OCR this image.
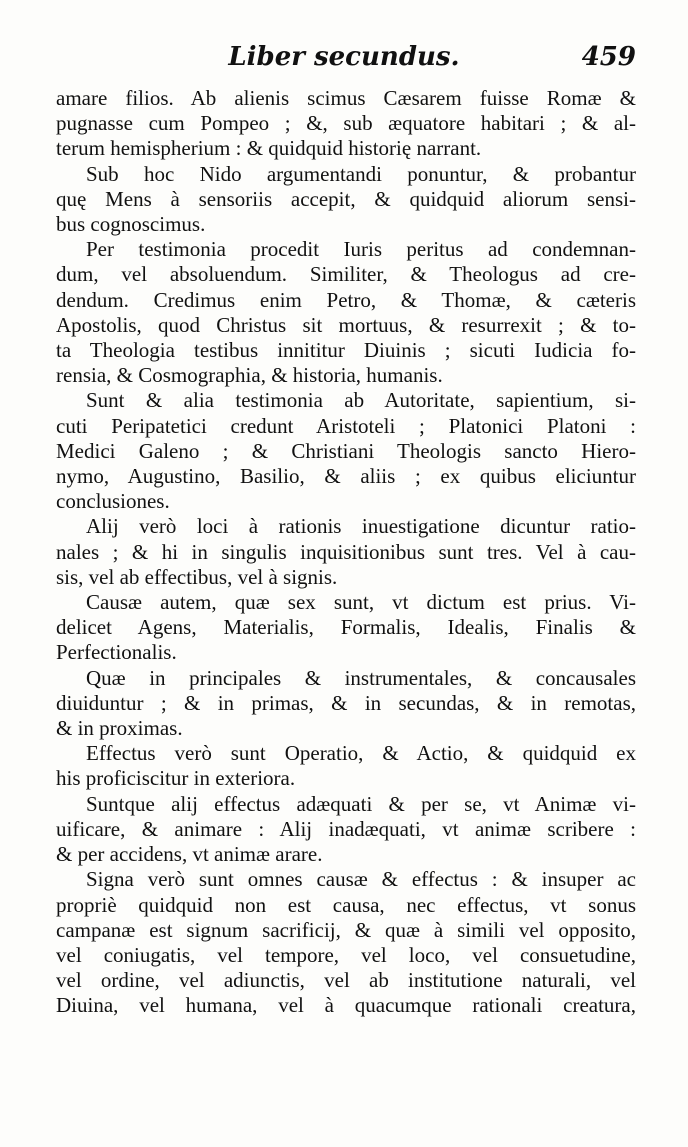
Liber secundus.	459
amare filios. Ab alienis scimus Cæsarem fuisse Romæ &
pugnasse cum Pompeo ; &, sub æquatore habitari ; & al-
terum hemispherium : & quidquid historię narrant.
Sub hoc Nido argumentandi ponuntur, & probantur
quę Mens à sensoriis accepit, & quidquid aliorum sensi-
bus cognoscimus.
Per testimonia procedit Iuris peritus ad condemnan-
dum, vel absoluendum. Similiter, & Theologus ad cre-
dendum. Credimus enim Petro, & Thomæ, & cæteris
Apostolis, quod Christus sit mortuus, & resurrexit ; & to-
ta Theologia testibus innititur Diuinis ; sicuti Iudicia fo-
rensia, & Cosmographia, & historia, humanis.
Sunt & alia testimonia ab Autoritate, sapientium, si-
cuti Peripatetici credunt Aristoteli ; Platonici Platoni :
Medici Galeno ; & Christiani Theologis sancto Hiero-
nymo, Augustino, Basilio, & aliis ; ex quibus eliciuntur
conclusiones.
Alij verò loci à rationis inuestigatione dicuntur ratio-
nales ; & hi in singulis inquisitionibus sunt tres. Vel à cau-
sis, vel ab effectibus, vel à signis.
Causæ autem, quæ sex sunt, vt dictum est prius. Vi-
delicet Agens, Materialis, Formalis, Idealis, Finalis &
Perfectionalis.
Quæ in principales & instrumentales, & concausales
diuiduntur ; & in primas, & in secundas, & in remotas,
& in proximas.
Effectus verò sunt Operatio, & Actio, & quidquid ex
his proficiscitur in exteriora.
Suntque alij effectus adæquati & per se, vt Animæ vi-
uificare, & animare : Alij inadæquati, vt animæ scribere :
& per accidens, vt animæ arare.
Signa verò sunt omnes causæ & effectus : & insuper ac
propriè quidquid non est causa, nec effectus, vt sonus
campanæ est signum sacrificij, & quæ à simili vel opposito,
vel coniugatis, vel tempore, vel loco, vel consuetudine,
vel ordine, vel adiunctis, vel ab institutione naturali, vel
Diuina, vel humana, vel à quacumque rationali creatura,
